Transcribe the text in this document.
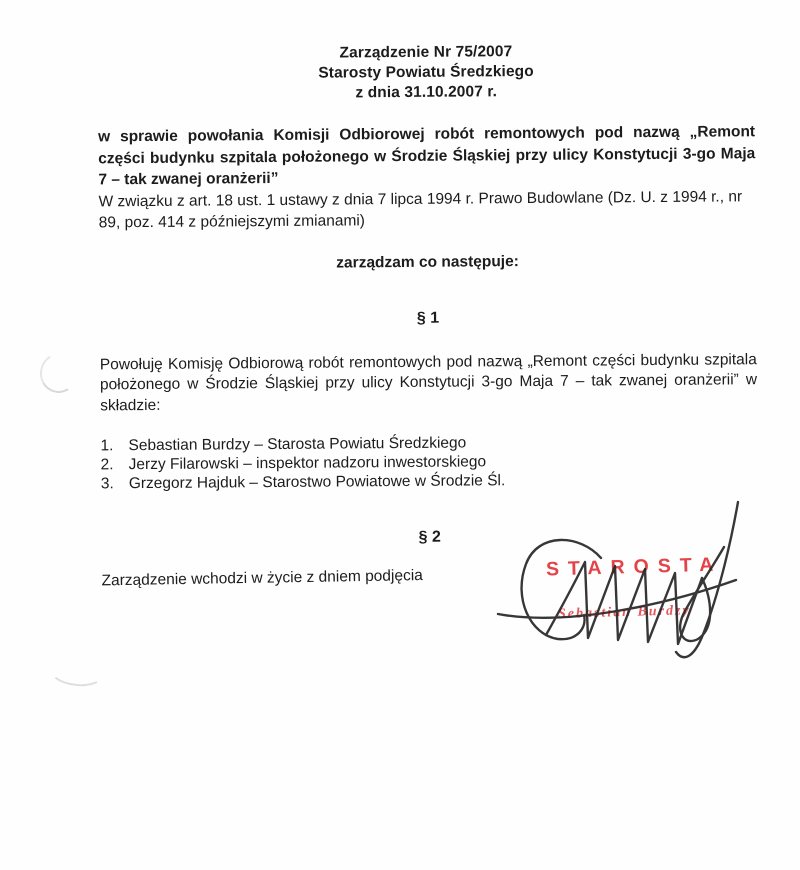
Zarządzenie Nr 75/2007
Starosty Powiatu Średzkiego
z dnia 31.10.2007 r.

w sprawie powołania Komisji Odbiorowej robót remontowych pod nazwą „Remont części budynku szpitala położonego w Środzie Śląskiej przy ulicy Konstytucji 3-go Maja 7 – tak zwanej oranżerii”

W związku z art. 18 ust. 1 ustawy z dnia 7 lipca 1994 r. Prawo Budowlane (Dz. U. z 1994 r., nr 89, poz. 414 z późniejszymi zmianami)

zarządzam co następuje:

§ 1

Powołuję Komisję Odbiorową robót remontowych pod nazwą „Remont części budynku szpitala położonego w Środzie Śląskiej przy ulicy Konstytucji 3-go Maja 7 – tak zwanej oranżerii” w składzie:

1. Sebastian Burdzy – Starosta Powiatu Średzkiego
2. Jerzy Filarowski – inspektor nadzoru inwestorskiego
3. Grzegorz Hajduk – Starostwo Powiatowe w Środzie Śl.

§ 2

Zarządzenie wchodzi w życie z dniem podjęcia	STAROSTA
Sebastian Burdzy
